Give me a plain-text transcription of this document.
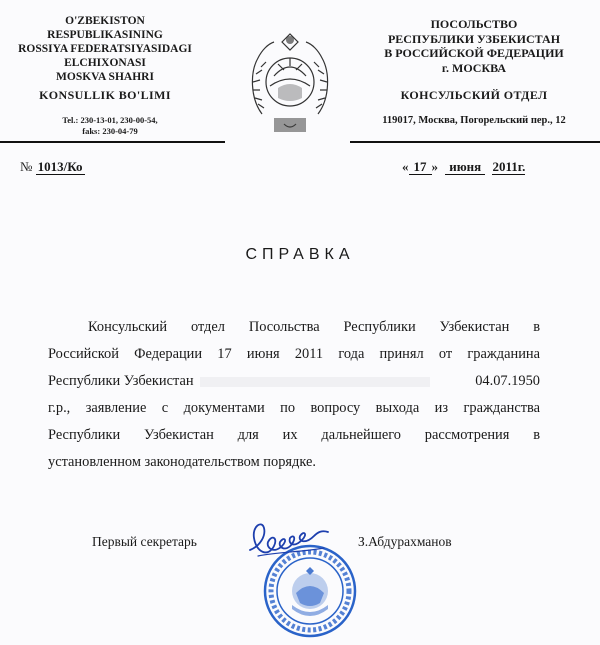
O'ZBEKISTON RESPUBLIKASINING
ROSSIYA FEDERATSIYASIDAGI
ELCHIXONASI
MOSKVA SHAHRI
KONSULLIK BO'LIMI
Tel.: 230-13-01, 230-00-54,
faks: 230-04-79
ПОСОЛЬСТВО
РЕСПУБЛИКИ УЗБЕКИСТАН
В РОССИЙСКОЙ ФЕДЕРАЦИИ
г. МОСКВА
КОНСУЛЬСКИЙ ОТДЕЛ
119017, Москва, Погорельский пер., 12
№ 1013/Ко	« 17 » июня 2011г.
СПРАВКА
Консульский отдел Посольства Республики Узбекистан в
Российской Федерации 17 июня 2011 года принял от гражданина
Республики Узбекистан	04.07.1950
г.р., заявление с документами по вопросу выхода из гражданства
Республики Узбекистан для их дальнейшего рассмотрения в
установленном законодательством порядке.
Первый секретарь	З.Абдурахманов
